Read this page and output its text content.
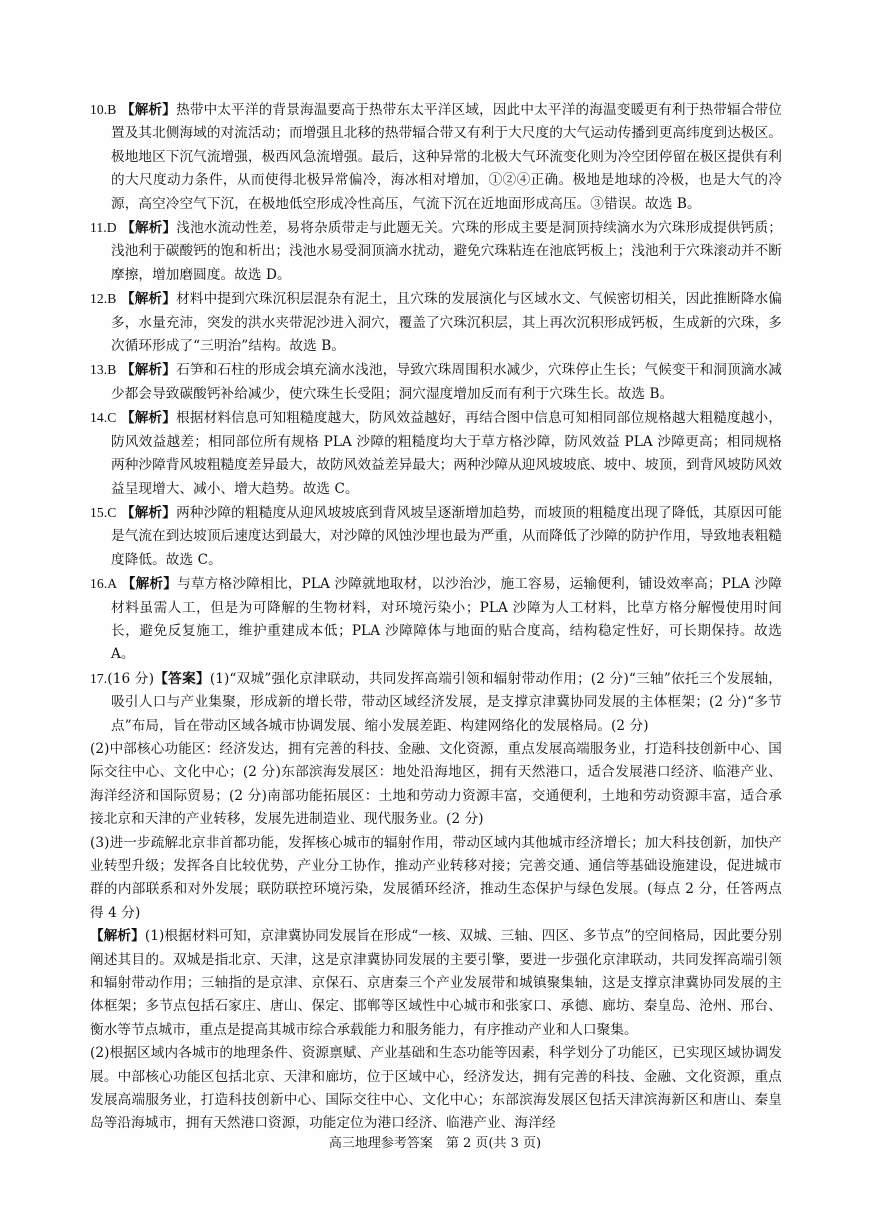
10.B 【解析】热带中太平洋的背景海温要高于热带东太平洋区域，因此中太平洋的海温变暖更有利于热带辐合带位置及其北侧海域的对流活动；而增强且北移的热带辐合带又有利于大尺度的大气运动传播到更高纬度到达极区。极地地区下沉气流增强，极西风急流增强。最后，这种异常的北极大气环流变化则为冷空团停留在极区提供有利的大尺度动力条件，从而使得北极异常偏冷，海冰相对增加，①②④正确。极地是地球的冷极，也是大气的冷源，高空冷空气下沉，在极地低空形成冷性高压，气流下沉在近地面形成高压。③错误。故选 B。

11.D 【解析】浅池水流动性差，易将杂质带走与此题无关。穴珠的形成主要是洞顶持续滴水为穴珠形成提供钙质；浅池利于碳酸钙的饱和析出；浅池水易受洞顶滴水扰动，避免穴珠粘连在池底钙板上；浅池利于穴珠滚动并不断摩擦，增加磨圆度。故选 D。

12.B 【解析】材料中提到穴珠沉积层混杂有泥土，且穴珠的发展演化与区域水文、气候密切相关，因此推断降水偏多，水量充沛，突发的洪水夹带泥沙进入洞穴，覆盖了穴珠沉积层，其上再次沉积形成钙板，生成新的穴珠，多次循环形成了“三明治”结构。故选 B。

13.B 【解析】石笋和石柱的形成会填充滴水浅池，导致穴珠周围积水减少，穴珠停止生长；气候变干和洞顶滴水减少都会导致碳酸钙补给减少，使穴珠生长受阻；洞穴湿度增加反而有利于穴珠生长。故选 B。

14.C 【解析】根据材料信息可知粗糙度越大，防风效益越好，再结合图中信息可知相同部位规格越大粗糙度越小，防风效益越差；相同部位所有规格 PLA 沙障的粗糙度均大于草方格沙障，防风效益 PLA 沙障更高；相同规格两种沙障背风坡粗糙度差异最大，故防风效益差异最大；两种沙障从迎风坡坡底、坡中、坡顶，到背风坡防风效益呈现增大、减小、增大趋势。故选 C。

15.C 【解析】两种沙障的粗糙度从迎风坡坡底到背风坡呈逐渐增加趋势，而坡顶的粗糙度出现了降低，其原因可能是气流在到达坡顶后速度达到最大，对沙障的风蚀沙埋也最为严重，从而降低了沙障的防护作用，导致地表粗糙度降低。故选 C。

16.A 【解析】与草方格沙障相比，PLA 沙障就地取材，以沙治沙，施工容易，运输便利，铺设效率高；PLA 沙障材料虽需人工，但是为可降解的生物材料，对环境污染小；PLA 沙障为人工材料，比草方格分解慢使用时间长，避免反复施工，维护重建成本低；PLA 沙障障体与地面的贴合度高，结构稳定性好，可长期保持。故选 A。

17.(16 分)【答案】(1)“双城”强化京津联动，共同发挥高端引领和辐射带动作用；(2 分)“三轴”依托三个发展轴，吸引人口与产业集聚，形成新的增长带，带动区域经济发展，是支撑京津冀协同发展的主体框架；(2 分)“多节点”布局，旨在带动区域各城市协调发展、缩小发展差距、构建网络化的发展格局。(2 分)

(2)中部核心功能区：经济发达，拥有完善的科技、金融、文化资源，重点发展高端服务业，打造科技创新中心、国际交往中心、文化中心；(2 分)东部滨海发展区：地处沿海地区，拥有天然港口，适合发展港口经济、临港产业、海洋经济和国际贸易；(2 分)南部功能拓展区：土地和劳动力资源丰富，交通便利，土地和劳动资源丰富，适合承接北京和天津的产业转移，发展先进制造业、现代服务业。(2 分)

(3)进一步疏解北京非首都功能，发挥核心城市的辐射作用，带动区域内其他城市经济增长；加大科技创新，加快产业转型升级；发挥各自比较优势，产业分工协作，推动产业转移对接；完善交通、通信等基础设施建设，促进城市群的内部联系和对外发展；联防联控环境污染，发展循环经济，推动生态保护与绿色发展。(每点 2 分，任答两点得 4 分)

【解析】(1)根据材料可知，京津冀协同发展旨在形成“一核、双城、三轴、四区、多节点”的空间格局，因此要分别阐述其目的。双城是指北京、天津，这是京津冀协同发展的主要引擎，要进一步强化京津联动，共同发挥高端引领和辐射带动作用；三轴指的是京津、京保石、京唐秦三个产业发展带和城镇聚集轴，这是支撑京津冀协同发展的主体框架；多节点包括石家庄、唐山、保定、邯郸等区域性中心城市和张家口、承德、廊坊、秦皇岛、沧州、邢台、衡水等节点城市，重点是提高其城市综合承载能力和服务能力，有序推动产业和人口聚集。

(2)根据区域内各城市的地理条件、资源禀赋、产业基础和生态功能等因素，科学划分了功能区，已实现区域协调发展。中部核心功能区包括北京、天津和廊坊，位于区域中心，经济发达，拥有完善的科技、金融、文化资源，重点发展高端服务业，打造科技创新中心、国际交往中心、文化中心；东部滨海发展区包括天津滨海新区和唐山、秦皇岛等沿海城市，拥有天然港口资源，功能定位为港口经济、临港产业、海洋经

高三地理参考答案　第 2 页(共 3 页)
